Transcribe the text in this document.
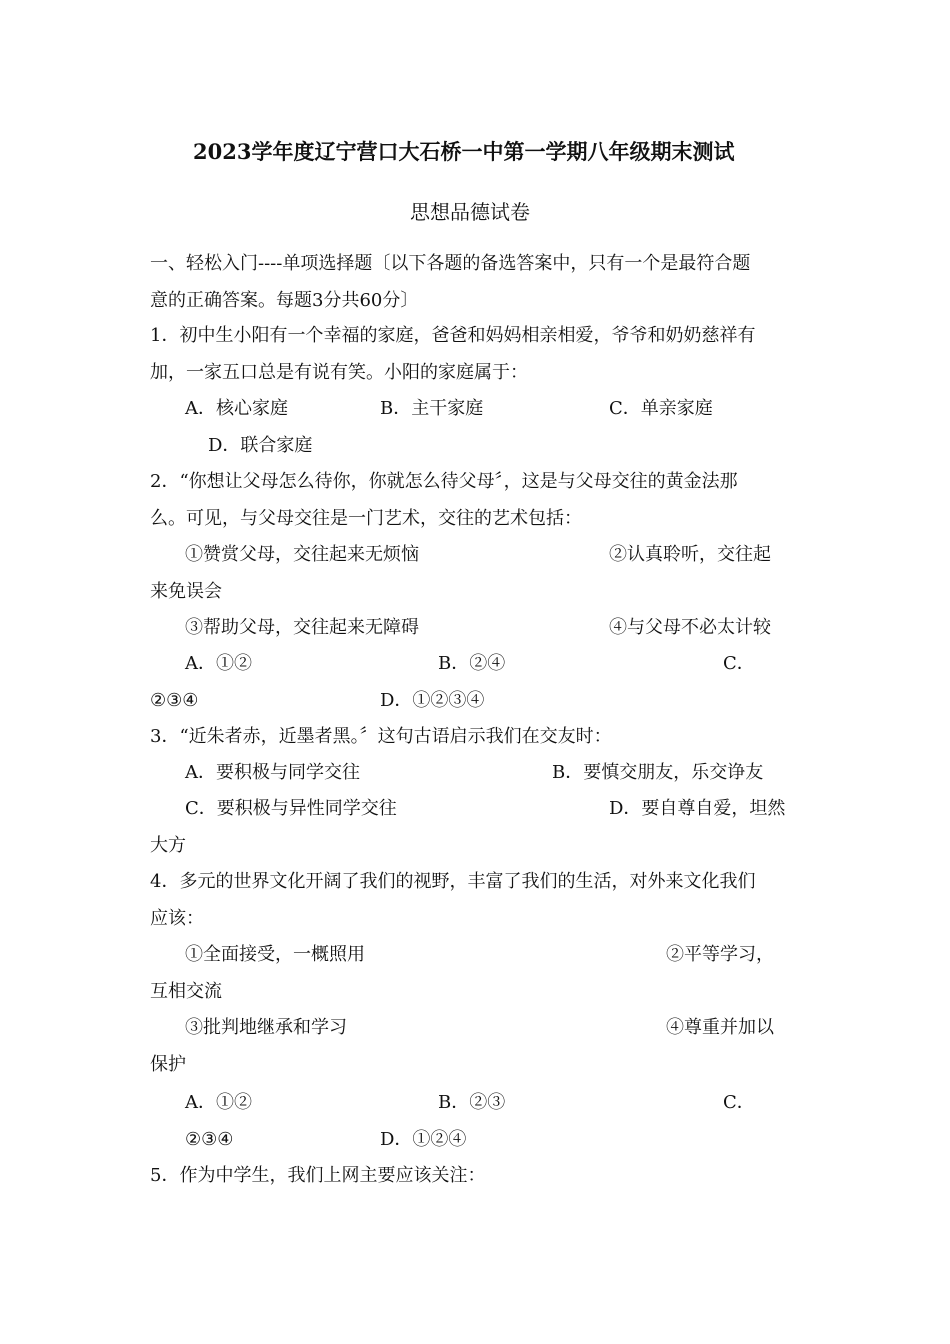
2023学年度辽宁营口大石桥一中第一学期八年级期末测试
思想品德试卷
一、轻松入门----单项选择题〔以下各题的备选答案中，只有一个是最符合题
意的正确答案。每题3分共60分〕
1．初中生小阳有一个幸福的家庭，爸爸和妈妈相亲相爱，爷爷和奶奶慈祥有
加，一家五口总是有说有笑。小阳的家庭属于：
A．核心家庭	B．主干家庭	C．单亲家庭
D．联合家庭
2．“你想让父母怎么待你，你就怎么待父母〞，这是与父母交往的黄金法那
么。可见，与父母交往是一门艺术，交往的艺术包括：
①赞赏父母，交往起来无烦恼	②认真聆听，交往起
来免误会
③帮助父母，交往起来无障碍	④与父母不必太计较
A．①②	B．②④	C．
②③④	D．①②③④
3．“近朱者赤，近墨者黑。〞这句古语启示我们在交友时：
A．要积极与同学交往	B．要慎交朋友，乐交诤友
C．要积极与异性同学交往	D．要自尊自爱，坦然
大方
4．多元的世界文化开阔了我们的视野，丰富了我们的生活，对外来文化我们
应该：
①全面接受，一概照用	②平等学习，
互相交流
③批判地继承和学习	④尊重并加以
保护
A．①②	B．②③	C．
②③④	D．①②④
5．作为中学生，我们上网主要应该关注：
